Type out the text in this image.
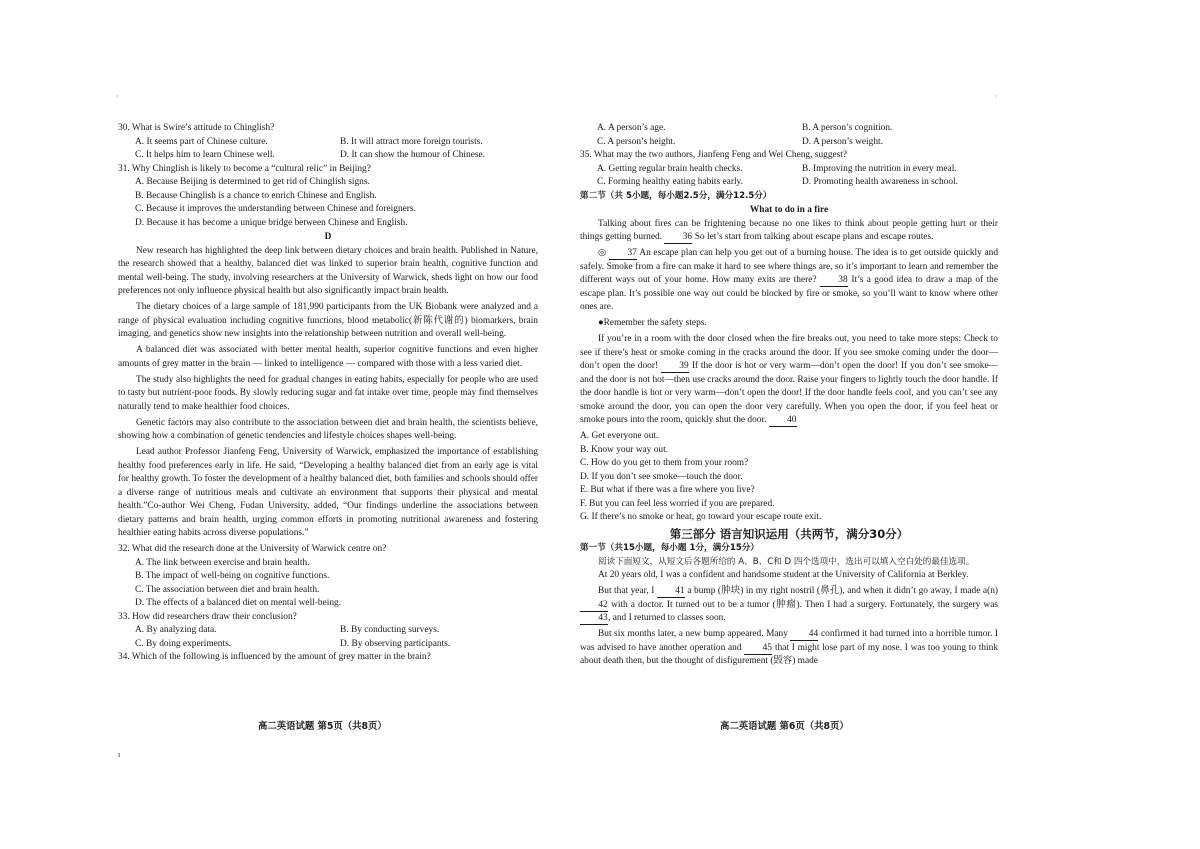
·	·
ı

30. What is Swire’s attitude to Chinglish?

A. It seems part of Chinese culture.	B. It will attract more foreign tourists.
C. It helps him to learn Chinese well.	D. It can show the humour of Chinese.

31. Why Chinglish is likely to become a “cultural relic” in Beijing?

A. Because Beijing is determined to get rid of Chinglish signs.
B. Because Chinglish is a chance to enrich Chinese and English.
C. Because it improves the understanding between Chinese and foreigners.
D. Because it has become a unique bridge between Chinese and English.

D

New research has highlighted the deep link between dietary choices and brain health. Published in Nature, the research showed that a healthy, balanced diet was linked to superior brain health, cognitive function and mental well-being. The study, involving researchers at the University of Warwick, sheds light on how our food preferences not only influence physical health but also significantly impact brain health.

The dietary choices of a large sample of 181,990 participants from the UK Biobank were analyzed and a range of physical evaluation including cognitive functions, blood metabolic(新陈代谢的) biomarkers, brain imaging, and genetics show new insights into the relationship between nutrition and overall well-being.

A balanced diet was associated with better mental health, superior cognitive functions and even higher amounts of grey matter in the brain — linked to intelligence — compared with those with a less varied diet.

The study also highlights the need for gradual changes in eating habits, especially for people who are used to tasty but nutrient-poor foods. By slowly reducing sugar and fat intake over time, people may find themselves naturally tend to make healthier food choices.

Genetic factors may also contribute to the association between diet and brain health, the scientists believe, showing how a combination of genetic tendencies and lifestyle choices shapes well-being.

Lead author Professor Jianfeng Feng, University of Warwick, emphasized the importance of establishing healthy food preferences early in life. He said, “Developing a healthy balanced diet from an early age is vital for healthy growth. To foster the development of a healthy balanced diet, both families and schools should offer a diverse range of nutritious meals and cultivate an environment that supports their physical and mental health.”Co-author Wei Cheng, Fudan University, added, “Our findings underline the associations between dietary patterns and brain health, urging common efforts in promoting nutritional awareness and fostering healthier eating habits across diverse populations.”

32. What did the research done at the University of Warwick centre on?

A. The link between exercise and brain health.
B. The impact of well-being on cognitive functions.
C. The association between diet and brain health.
D. The effects of a balanced diet on mental well-being.

33. How did researchers draw their conclusion?

A. By analyzing data.	B. By conducting surveys.
C. By doing experiments.	D. By observing participants.

34. Which of the following is influenced by the amount of grey matter in the brain?

高二英语试题 第5页（共8页）
A. A person’s age.	B. A person’s cognition.
C. A person’s height.	D. A person’s weight.

35. What may the two authors, Jianfeng Feng and Wei Cheng, suggest?

A. Getting regular brain health checks.	B. Improving the nutrition in every meal.
C. Forming healthy eating habits early.	D. Promoting health awareness in school.

第二节（共 5小题，每小题2.5分，满分12.5分）

What to do in a fire

Talking about fires can be frightening because no one likes to think about people getting hurt or their things getting burned. 36 So let’s start from talking about escape plans and escape routes.

◎ 37 An escape plan can help you get out of a burning house. The idea is to get outside quickly and safely. Smoke from a fire can make it hard to see where things are, so it’s important to learn and remember the different ways out of your home. How many exits are there? 38 It’s a good idea to draw a map of the escape plan. It’s possible one way out could be blocked by fire or smoke, so you’ll want to know where other ones are.

●Remember the safety steps.

If you’re in a room with the door closed when the fire breaks out, you need to take more steps: Check to see if there’s heat or smoke coming in the cracks around the door. If you see smoke coming under the door—don’t open the door! 39 If the door is hot or very warm—don’t open the door! If you don’t see smoke—and the door is not hot—then use cracks around the door. Raise your fingers to lightly touch the door handle. If the door handle is hot or very warm—don’t open the door! If the door handle feels cool, and you can’t see any smoke around the door, you can open the door very carefully. When you open the door, if you feel heat or smoke pours into the room, quickly shut the door. 40

A. Get everyone out.

B. Know your way out.

C. How do you get to them from your room?

D. If you don’t see smoke—touch the door.

E. But what if there was a fire where you live?

F. But you can feel less worried if you are prepared.

G. If there’s no smoke or heat, go toward your escape route exit.

第三部分 语言知识运用（共两节，满分30分）

第一节（共15小题，每小题 1分，满分15分）

阅读下面短文，从短文后各题所给的 A、B、C和 D 四个选项中，选出可以填入空白处的最佳选项。

At 20 years old, I was a confident and handsome student at the University of California at Berkley.

But that year, I 41 a bump (肿块) in my right nostril (鼻孔), and when it didn’t go away, I made a(n) 42 with a doctor. It turned out to be a tumor (肿瘤). Then I had a surgery. Fortunately, the surgery was 43, and I returned to classes soon.

But six months later, a new bump appeared. Many 44 confirmed it had turned into a horrible tumor. I was advised to have another operation and 45 that I might lose part of my nose. I was too young to think about death then, but the thought of disfigurement (毁容) made

高二英语试题 第6页（共8页）
